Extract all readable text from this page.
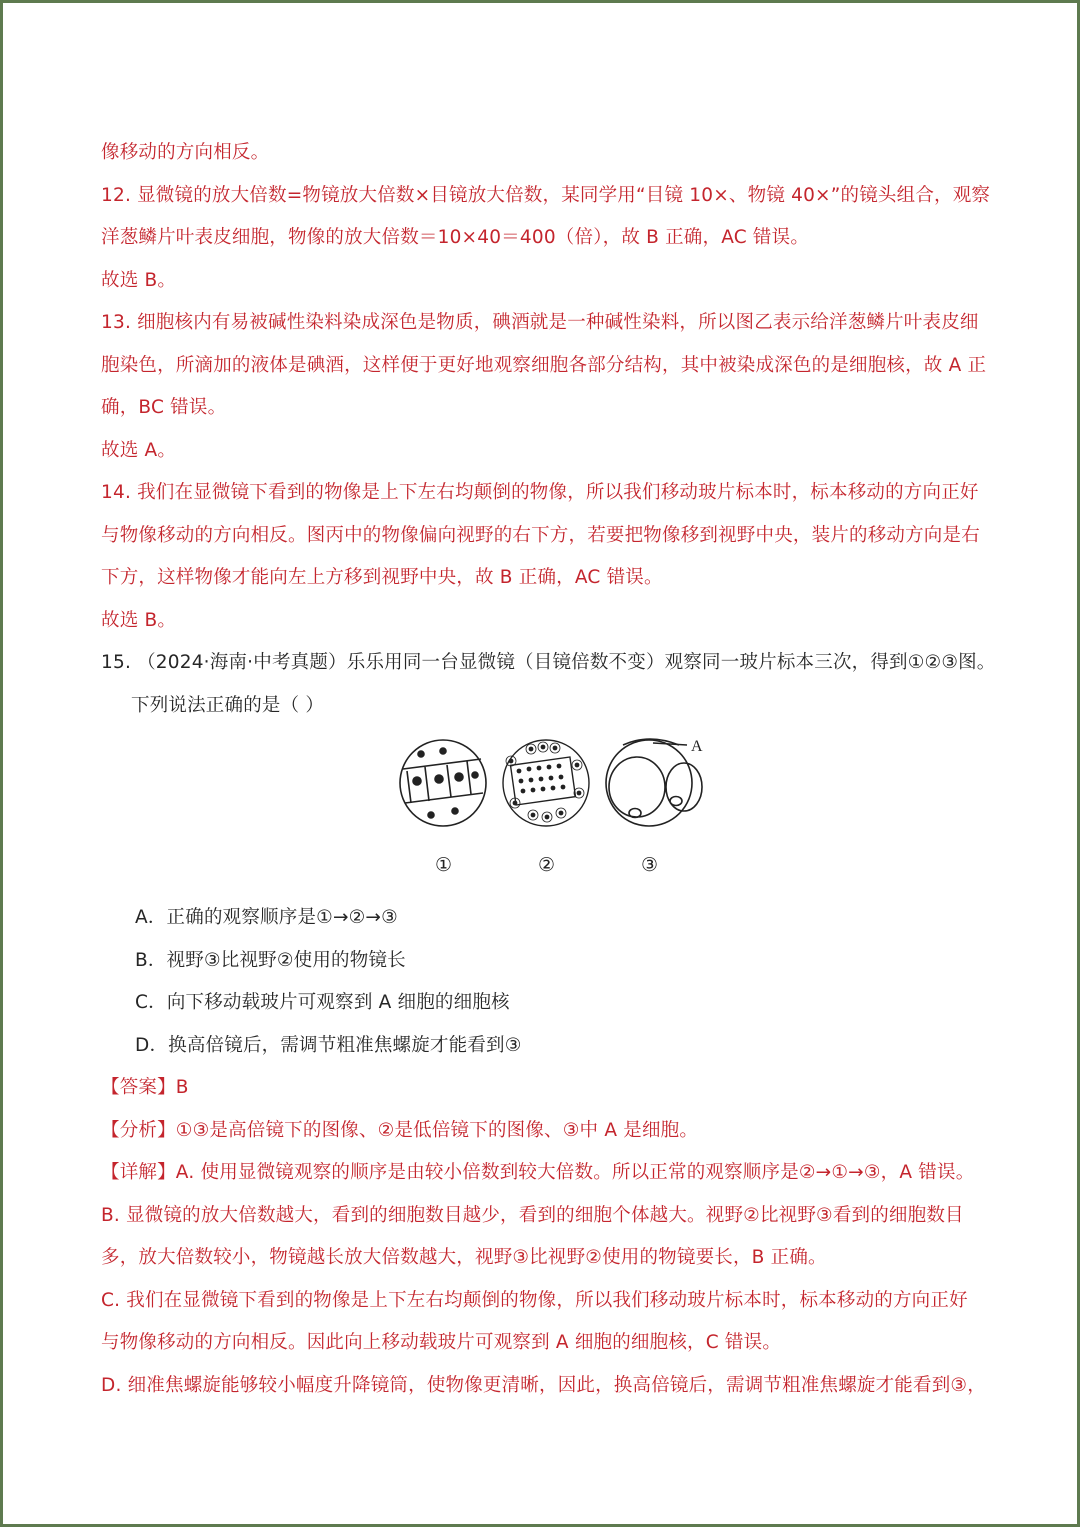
像移动的方向相反。
12. 显微镜的放大倍数=物镜放大倍数×目镜放大倍数，某同学用“目镜 10×、物镜 40×”的镜头组合，观察
洋葱鳞片叶表皮细胞，物像的放大倍数＝10×40＝400（倍），故 B 正确，AC 错误。
故选 B。
13. 细胞核内有易被碱性染料染成深色是物质，碘酒就是一种碱性染料，所以图乙表示给洋葱鳞片叶表皮细
胞染色，所滴加的液体是碘酒，这样便于更好地观察细胞各部分结构，其中被染成深色的是细胞核，故 A 正
确，BC 错误。
故选 A。
14. 我们在显微镜下看到的物像是上下左右均颠倒的物像，所以我们移动玻片标本时，标本移动的方向正好
与物像移动的方向相反。图丙中的物像偏向视野的右下方，若要把物像移到视野中央，装片的移动方向是右
下方，这样物像才能向左上方移到视野中央，故 B 正确，AC 错误。
故选 B。
15. （2024·海南·中考真题）乐乐用同一台显微镜（目镜倍数不变）观察同一玻片标本三次，得到①②③图。
下列说法正确的是（ ）
A
①	②	③
A．正确的观察顺序是①→②→③
B．视野③比视野②使用的物镜长
C．向下移动载玻片可观察到 A 细胞的细胞核
D．换高倍镜后，需调节粗准焦螺旋才能看到③
【答案】B
【分析】①③是高倍镜下的图像、②是低倍镜下的图像、③中 A 是细胞。
【详解】A. 使用显微镜观察的顺序是由较小倍数到较大倍数。所以正常的观察顺序是②→①→③，A 错误。
B. 显微镜的放大倍数越大，看到的细胞数目越少，看到的细胞个体越大。视野②比视野③看到的细胞数目
多，放大倍数较小，物镜越长放大倍数越大，视野③比视野②使用的物镜要长，B 正确。
C. 我们在显微镜下看到的物像是上下左右均颠倒的物像，所以我们移动玻片标本时，标本移动的方向正好
与物像移动的方向相反。因此向上移动载玻片可观察到 A 细胞的细胞核，C 错误。
D. 细准焦螺旋能够较小幅度升降镜筒，使物像更清晰，因此，换高倍镜后，需调节粗准焦螺旋才能看到③，
